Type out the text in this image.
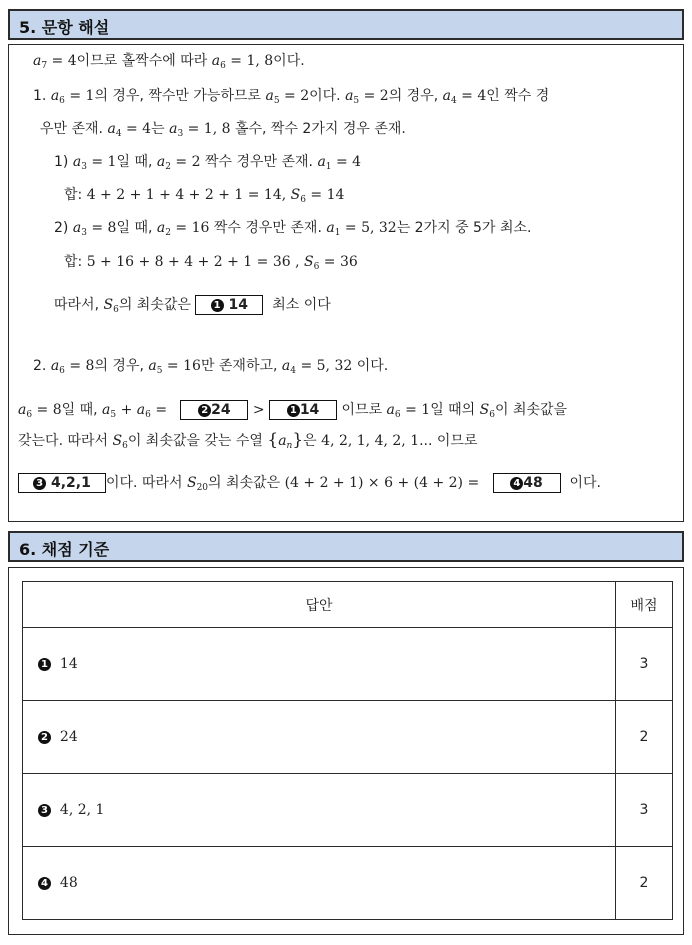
5. 문항 해설
$a_7 = 4$이므로 홀짝수에 따라 $a_6 = 1$, 8이다.
1. $a_6 = 1$의 경우, 짝수만 가능하므로 $a_5 = 2$이다. $a_5 = 2$의 경우, $a_4 = 4$인 짝수 경
우만 존재. $a_4 = 4$는 $a_3 = 1$, 8 홀수, 짝수 2가지 경우 존재.
1) $a_3 = 1$일 때, $a_2 = 2$ 짝수 경우만 존재. $a_1 = 4$
합: 4 + 2 + 1 + 4 + 2 + 1 = 14, $S_6 = 14$
2) $a_3 = 8$일 때, $a_2 = 16$ 짝수 경우만 존재. $a_1 = 5$, 32는 2가지 중 5가 최소.
합: 5 + 16 + 8 + 4 + 2 + 1 = 36 , $S_6 = 36$
따라서, $S_6$의 최솟값은 1 14 최소 이다
2. $a_6 = 8$의 경우, $a_5 = 16$만 존재하고, $a_4 = 5$, 32 이다.
$a_6 = 8$일 때, $a_5 + a_6$ =	2 24 > 1 14 이므로 $a_6 = 1$일 때의 $S_6$이 최솟값을
갖는다. 따라서 $S_6$이 최솟값을 갖는 수열 $\{a_n\}$은 4, 2, 1, 4, 2, 1... 이므로
3 4,2,1 이다. 따라서 $S_{20}$의 최솟값은 (4 + 2 + 1) × 6 + (4 + 2) =	4 48 이다.
6. 채점 기준
답안	배점
1 14	3
2 24	2
3 4, 2, 1	3
4 48	2
